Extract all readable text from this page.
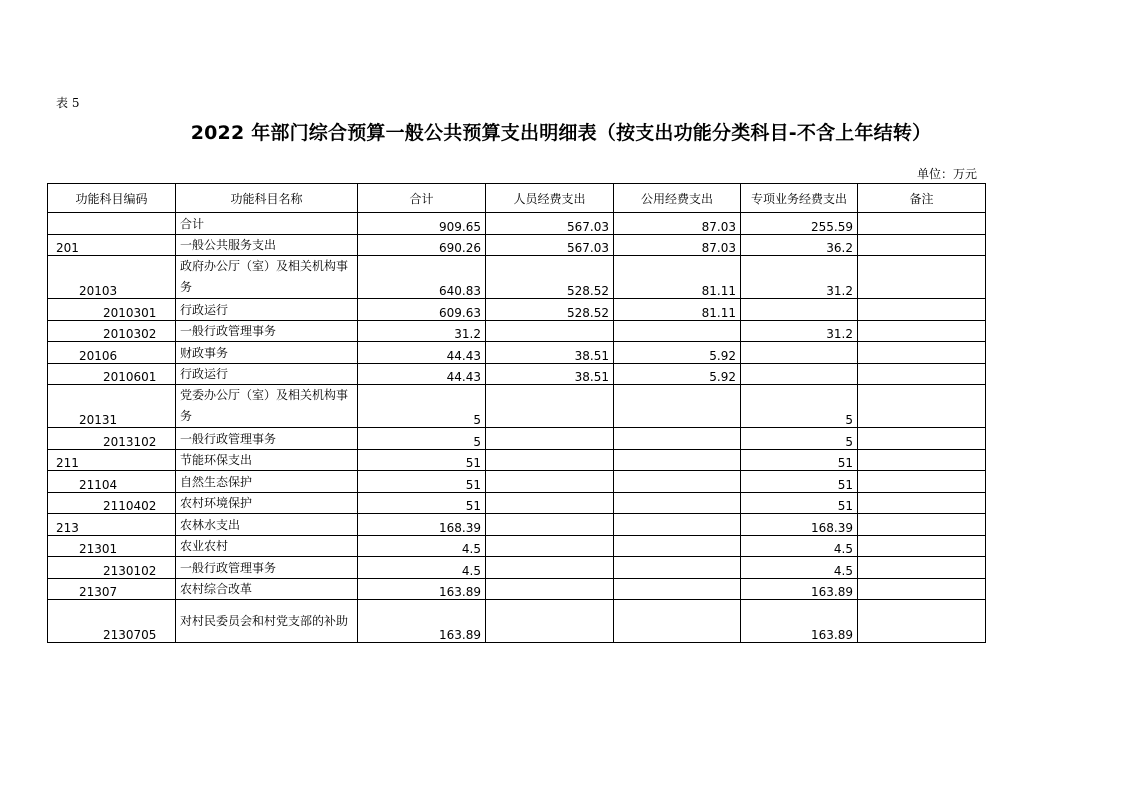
表 5
2022 年部门综合预算一般公共预算支出明细表（按支出功能分类科目-不含上年结转）
单位：万元
功能科目编码	功能科目名称	合计	人员经费支出	公用经费支出	专项业务经费支出	备注
	合计	909.65	567.03	87.03	255.59	
201	一般公共服务支出	690.26	567.03	87.03	36.2	
20103	政府办公厅（室）及相关机构事务	640.83	528.52	81.11	31.2	
2010301	行政运行	609.63	528.52	81.11		
2010302	一般行政管理事务	31.2			31.2	
20106	财政事务	44.43	38.51	5.92		
2010601	行政运行	44.43	38.51	5.92		
20131	党委办公厅（室）及相关机构事务	5			5	
2013102	一般行政管理事务	5			5	
211	节能环保支出	51			51	
21104	自然生态保护	51			51	
2110402	农村环境保护	51			51	
213	农林水支出	168.39			168.39	
21301	农业农村	4.5			4.5	
2130102	一般行政管理事务	4.5			4.5	
21307	农村综合改革	163.89			163.89	
2130705	对村民委员会和村党支部的补助	163.89			163.89	
